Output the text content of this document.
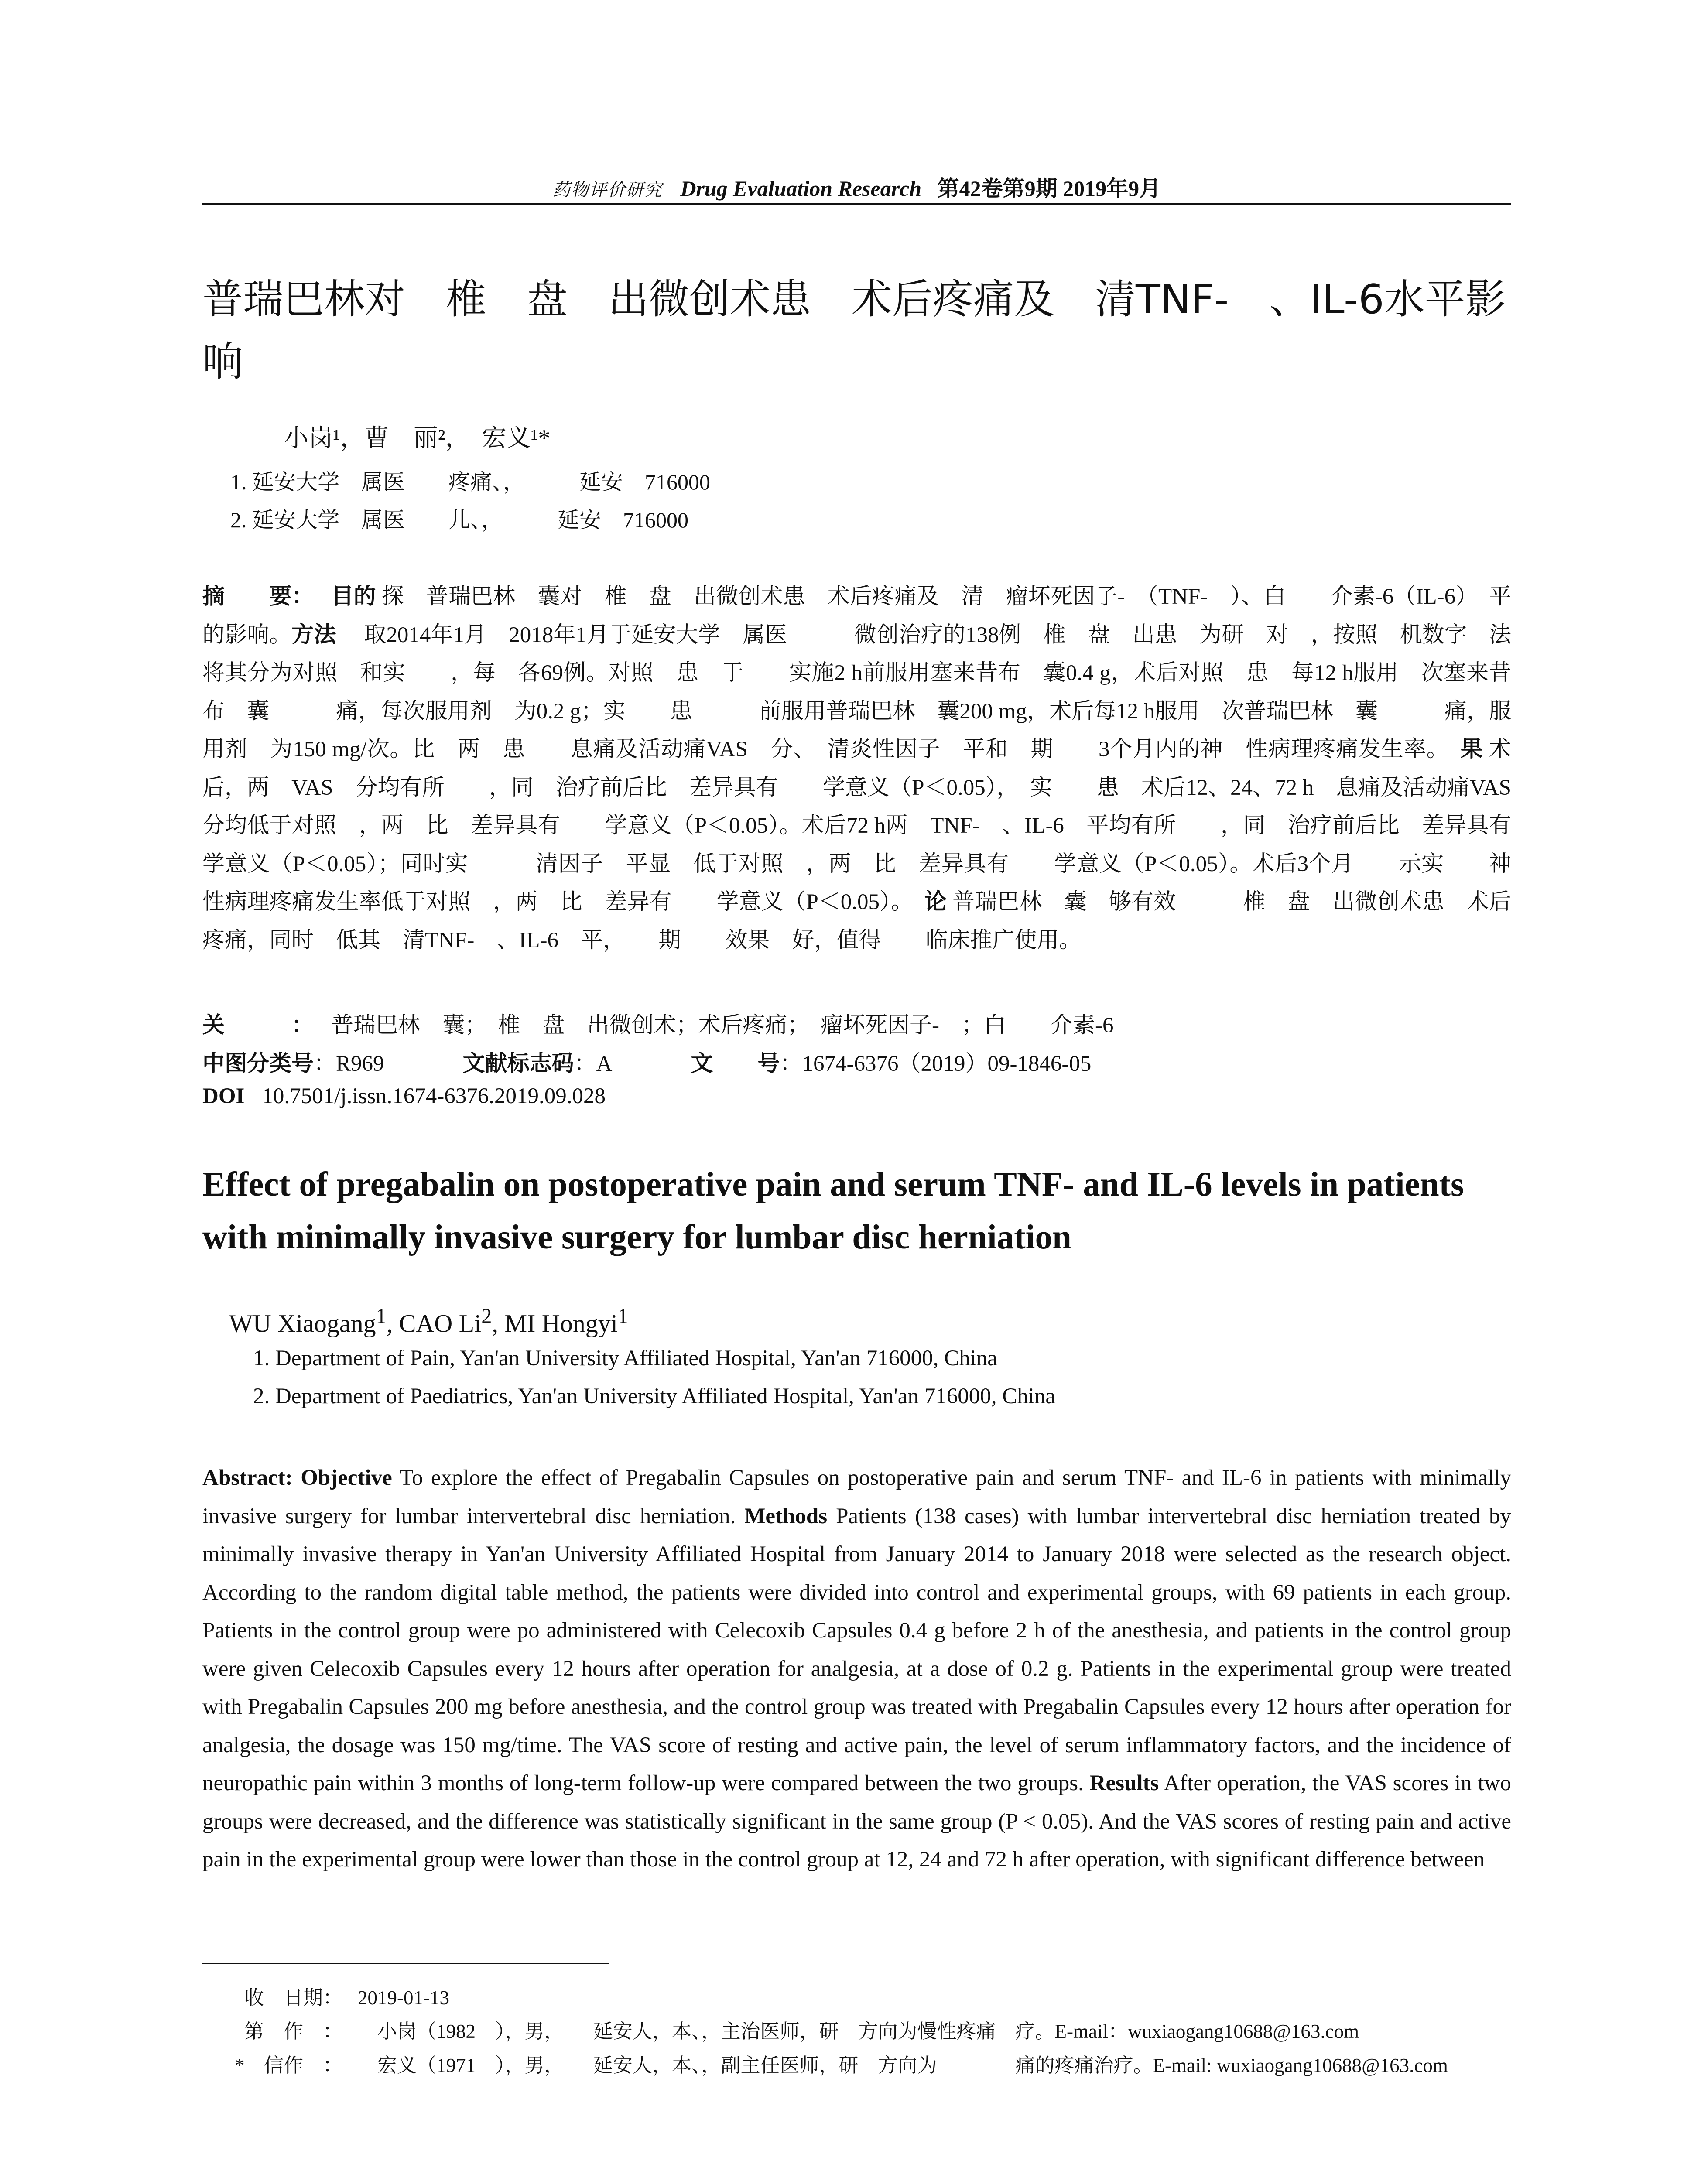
药物评价研究 Drug Evaluation Research 第42卷第9期 2019年9月
普瑞巴林对　椎　盘　出微创术患　术后疼痛及　清TNF-　、IL-6水平影响
　小岗¹，曹　丽²，　宏义¹*
1. 延安大学　属医　　疼痛、，　　　延安　716000
2. 延安大学　属医　　儿、，　　　延安　716000

摘　　要： 目的 探　普瑞巴林　囊对　椎　盘　出微创术患　术后疼痛及　清　瘤坏死因子-　（TNF-　）、白　　介素-6（IL-6）　平的影响。方法 　取2014年1月　2018年1月于延安大学　属医　　　微创治疗的138例　椎　盘　出患　为研　对　，按照　机数字　法将其分为对照　和实　　，每　各69例。对照　患　于　　实施2 h前服用塞来昔布　囊0.4 g，术后对照　患　每12 h服用　次塞来昔布　囊　　　痛，每次服用剂　为0.2 g；实　　患　　　前服用普瑞巴林　囊200 mg，术后每12 h服用　次普瑞巴林　囊　　　痛，服用剂　为150 mg/次。比　两　患　　息痛及活动痛VAS　分、　清炎性因子　平和　期　　3个月内的神　性病理疼痛发生率。　果 术后，两　VAS　分均有所　　，同　治疗前后比　差异具有　　学意义（P＜0.05），　实　　患　术后12、24、72 h　息痛及活动痛VAS　分均低于对照　，两　比　差异具有　　学意义（P＜0.05）。术后72 h两　TNF-　、IL-6　平均有所　　，同　治疗前后比　差异具有　　学意义（P＜0.05）；同时实　　　清因子　平显　低于对照　，两　比　差异具有　　学意义（P＜0.05）。术后3个月　　示实　　神　性病理疼痛发生率低于对照　，两　比　差异有　　学意义（P＜0.05）。　论 普瑞巴林　囊　够有效　　　椎　盘　出微创术患　术后疼痛，同时　低其　清TNF-　、IL-6　平，　　期　　效果　好，值得　　临床推广使用。

关　　　： 普瑞巴林　囊；　椎　盘　出微创术；术后疼痛；　瘤坏死因子-　；白　　介素-6
中图分类号：R969	文献标志码：A	文　　号：1674-6376（2019）09-1846-05
DOI 10.7501/j.issn.1674-6376.2019.09.028
Effect of pregabalin on postoperative pain and serum TNF- and IL-6 levels in patients with minimally invasive surgery for lumbar disc herniation
WU Xiaogang$^1$, CAO Li$^2$, MI Hongyi$^1$
1. Department of Pain, Yan'an University Affiliated Hospital, Yan'an 716000, China
2. Department of Paediatrics, Yan'an University Affiliated Hospital, Yan'an 716000, China

Abstract: Objective To explore the effect of Pregabalin Capsules on postoperative pain and serum TNF- and IL-6 in patients with minimally invasive surgery for lumbar intervertebral disc herniation. Methods Patients (138 cases) with lumbar intervertebral disc herniation treated by minimally invasive therapy in Yan'an University Affiliated Hospital from January 2014 to January 2018 were selected as the research object. According to the random digital table method, the patients were divided into control and experimental groups, with 69 patients in each group. Patients in the control group were po administered with Celecoxib Capsules 0.4 g before 2 h of the anesthesia, and patients in the control group were given Celecoxib Capsules every 12 hours after operation for analgesia, at a dose of 0.2 g. Patients in the experimental group were treated with Pregabalin Capsules 200 mg before anesthesia, and the control group was treated with Pregabalin Capsules every 12 hours after operation for analgesia, the dosage was 150 mg/time. The VAS score of resting and active pain, the level of serum inflammatory factors, and the incidence of neuropathic pain within 3 months of long-term follow-up were compared between the two groups. Results After operation, the VAS scores in two groups were decreased, and the difference was statistically significant in the same group (P < 0.05). And the VAS scores of resting pain and active pain in the experimental group were lower than those in the control group at 12, 24 and 72 h after operation, with significant difference between

收　日期： 2019-01-13
第　作　：　小岗（1982　），男，　　延安人，本、，主治医师，研　方向为慢性疼痛　疗。E-mail：wuxiaogang10688@163.com
*　信作　：　宏义（1971　），男，　　延安人，本、，副主任医师，研　方向为　　　　痛的疼痛治疗。E-mail: wuxiaogang10688@163.com
